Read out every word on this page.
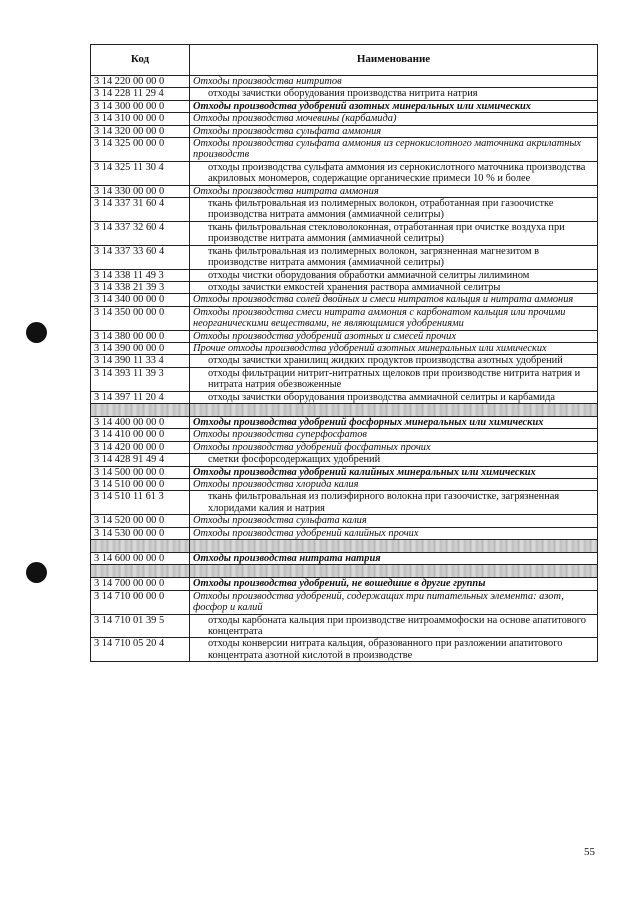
Код	Наименование
3 14 220 00 00 0	Отходы производства нитритов
3 14 228 11 29 4	отходы зачистки оборудования производства нитрита натрия
3 14 300 00 00 0	Отходы производства удобрений азотных минеральных или химических
3 14 310 00 00 0	Отходы производства мочевины (карбамида)
3 14 320 00 00 0	Отходы производства сульфата аммония
3 14 325 00 00 0	Отходы производства сульфата аммония из сернокислотного маточника акрилатных производств
3 14 325 11 30 4	отходы производства сульфата аммония из сернокислотного маточника производства акриловых мономеров, содержащие органические примеси 10 % и более
3 14 330 00 00 0	Отходы производства нитрата аммония
3 14 337 31 60 4	ткань фильтровальная из полимерных волокон, отработанная при газоочистке производства нитрата аммония (аммиачной селитры)
3 14 337 32 60 4	ткань фильтровальная стекловолоконная, отработанная при очистке воздуха при производстве нитрата аммония (аммиачной селитры)
3 14 337 33 60 4	ткань фильтровальная из полимерных волокон, загрязненная магнезитом в производстве нитрата аммония (аммиачной селитры)
3 14 338 11 49 3	отходы чистки оборудования обработки аммиачной селитры лилимином
3 14 338 21 39 3	отходы зачистки емкостей хранения раствора аммиачной селитры
3 14 340 00 00 0	Отходы производства солей двойных и смеси нитратов кальция и нитрата аммония
3 14 350 00 00 0	Отходы производства смеси нитрата аммония с карбонатом кальция или прочими неорганическими веществами, не являющимися удобрениями
3 14 380 00 00 0	Отходы производства удобрений азотных и смесей прочих
3 14 390 00 00 0	Прочие отходы производства удобрений азотных минеральных или химических
3 14 390 11 33 4	отходы зачистки хранилищ жидких продуктов производства азотных удобрений
3 14 393 11 39 3	отходы фильтрации нитрит-нитратных щелоков при производстве нитрита натрия и нитрата натрия обезвоженные
3 14 397 11 20 4	отходы зачистки оборудования производства аммиачной селитры и карбамида

3 14 400 00 00 0	Отходы производства удобрений фосфорных минеральных или химических
3 14 410 00 00 0	Отходы производства суперфосфатов
3 14 420 00 00 0	Отходы производства удобрений фосфатных прочих
3 14 428 91 49 4	сметки фосфорсодержащих удобрений
3 14 500 00 00 0	Отходы производства удобрений калийных минеральных или химических
3 14 510 00 00 0	Отходы производства хлорида калия
3 14 510 11 61 3	ткань фильтровальная из полиэфирного волокна при газоочистке, загрязненная хлоридами калия и натрия
3 14 520 00 00 0	Отходы производства сульфата калия
3 14 530 00 00 0	Отходы производства удобрений калийных прочих

3 14 600 00 00 0	Отходы производства нитрата натрия

3 14 700 00 00 0	Отходы производства удобрений, не вошедшие в другие группы
3 14 710 00 00 0	Отходы производства удобрений, содержащих три питательных элемента: азот, фосфор и калий
3 14 710 01 39 5	отходы карбоната кальция при производстве нитроаммофоски на основе апатитового концентрата
3 14 710 05 20 4	отходы конверсии нитрата кальция, образованного при разложении апатитового концентрата азотной кислотой в производстве
55
